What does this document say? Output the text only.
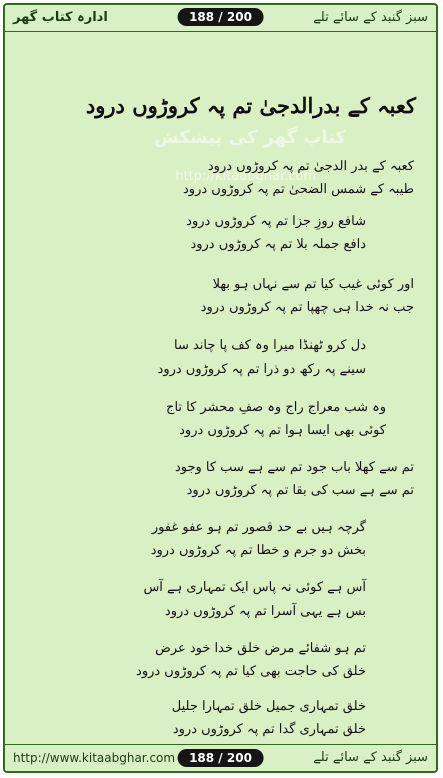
ادارہ کتاب گھر	188 / 200	سبز گنبد کے سائے تلے
کتاب گھر کی پیشکش
http://kitaabghar.com
کعبہ کے بدرالدجیٰ تم پہ کروڑوں درود
کعبہ کے بدر الدجیٰ تم پہ کروڑوں درود
طیبہ کے شمس الضحیٰ تم پہ کروڑوں درود
شافع روزِ جزا تم پہ کروڑوں درود
دافع جملہ بلا تم پہ کروڑوں درود
اور کوئی غیب کیا تم سے نہاں ہو بھلا
جب نہ خدا ہی چھپا تم پہ کروڑوں درود
دل کرو ٹھنڈا میرا وہ کف پا چاند سا
سینے پہ رکھ دو ذرا تم پہ کروڑوں درود
وہ شب معراج راج وہ صفِ محشر کا تاج
کوئی بھی ایسا ہوا تم پہ کروڑوں درود
تم سے کھلا باب جود تم سے ہے سب کا وجود
تم سے ہے سب کی بقا تم پہ کروڑوں درود
گرچہ ہیں بے حد قصور تم ہو عفو غفور
بخش دو جرم و خطا تم پہ کروڑوں درود
آس ہے کوئی نہ پاس ایک تمہاری ہے آس
بس ہے یہی آسرا تم پہ کروڑوں درود
تم ہو شفائے مرض خلق خدا خود عرض
خلق کی حاجت بھی کیا تم پہ کروڑوں درود
خلق تمہاری جمیل خلق تمہارا جلیل
خلق تمہاری گدا تم پہ کروڑوں درود
http://www.kitaabghar.com	188 / 200	سبز گنبد کے سائے تلے
